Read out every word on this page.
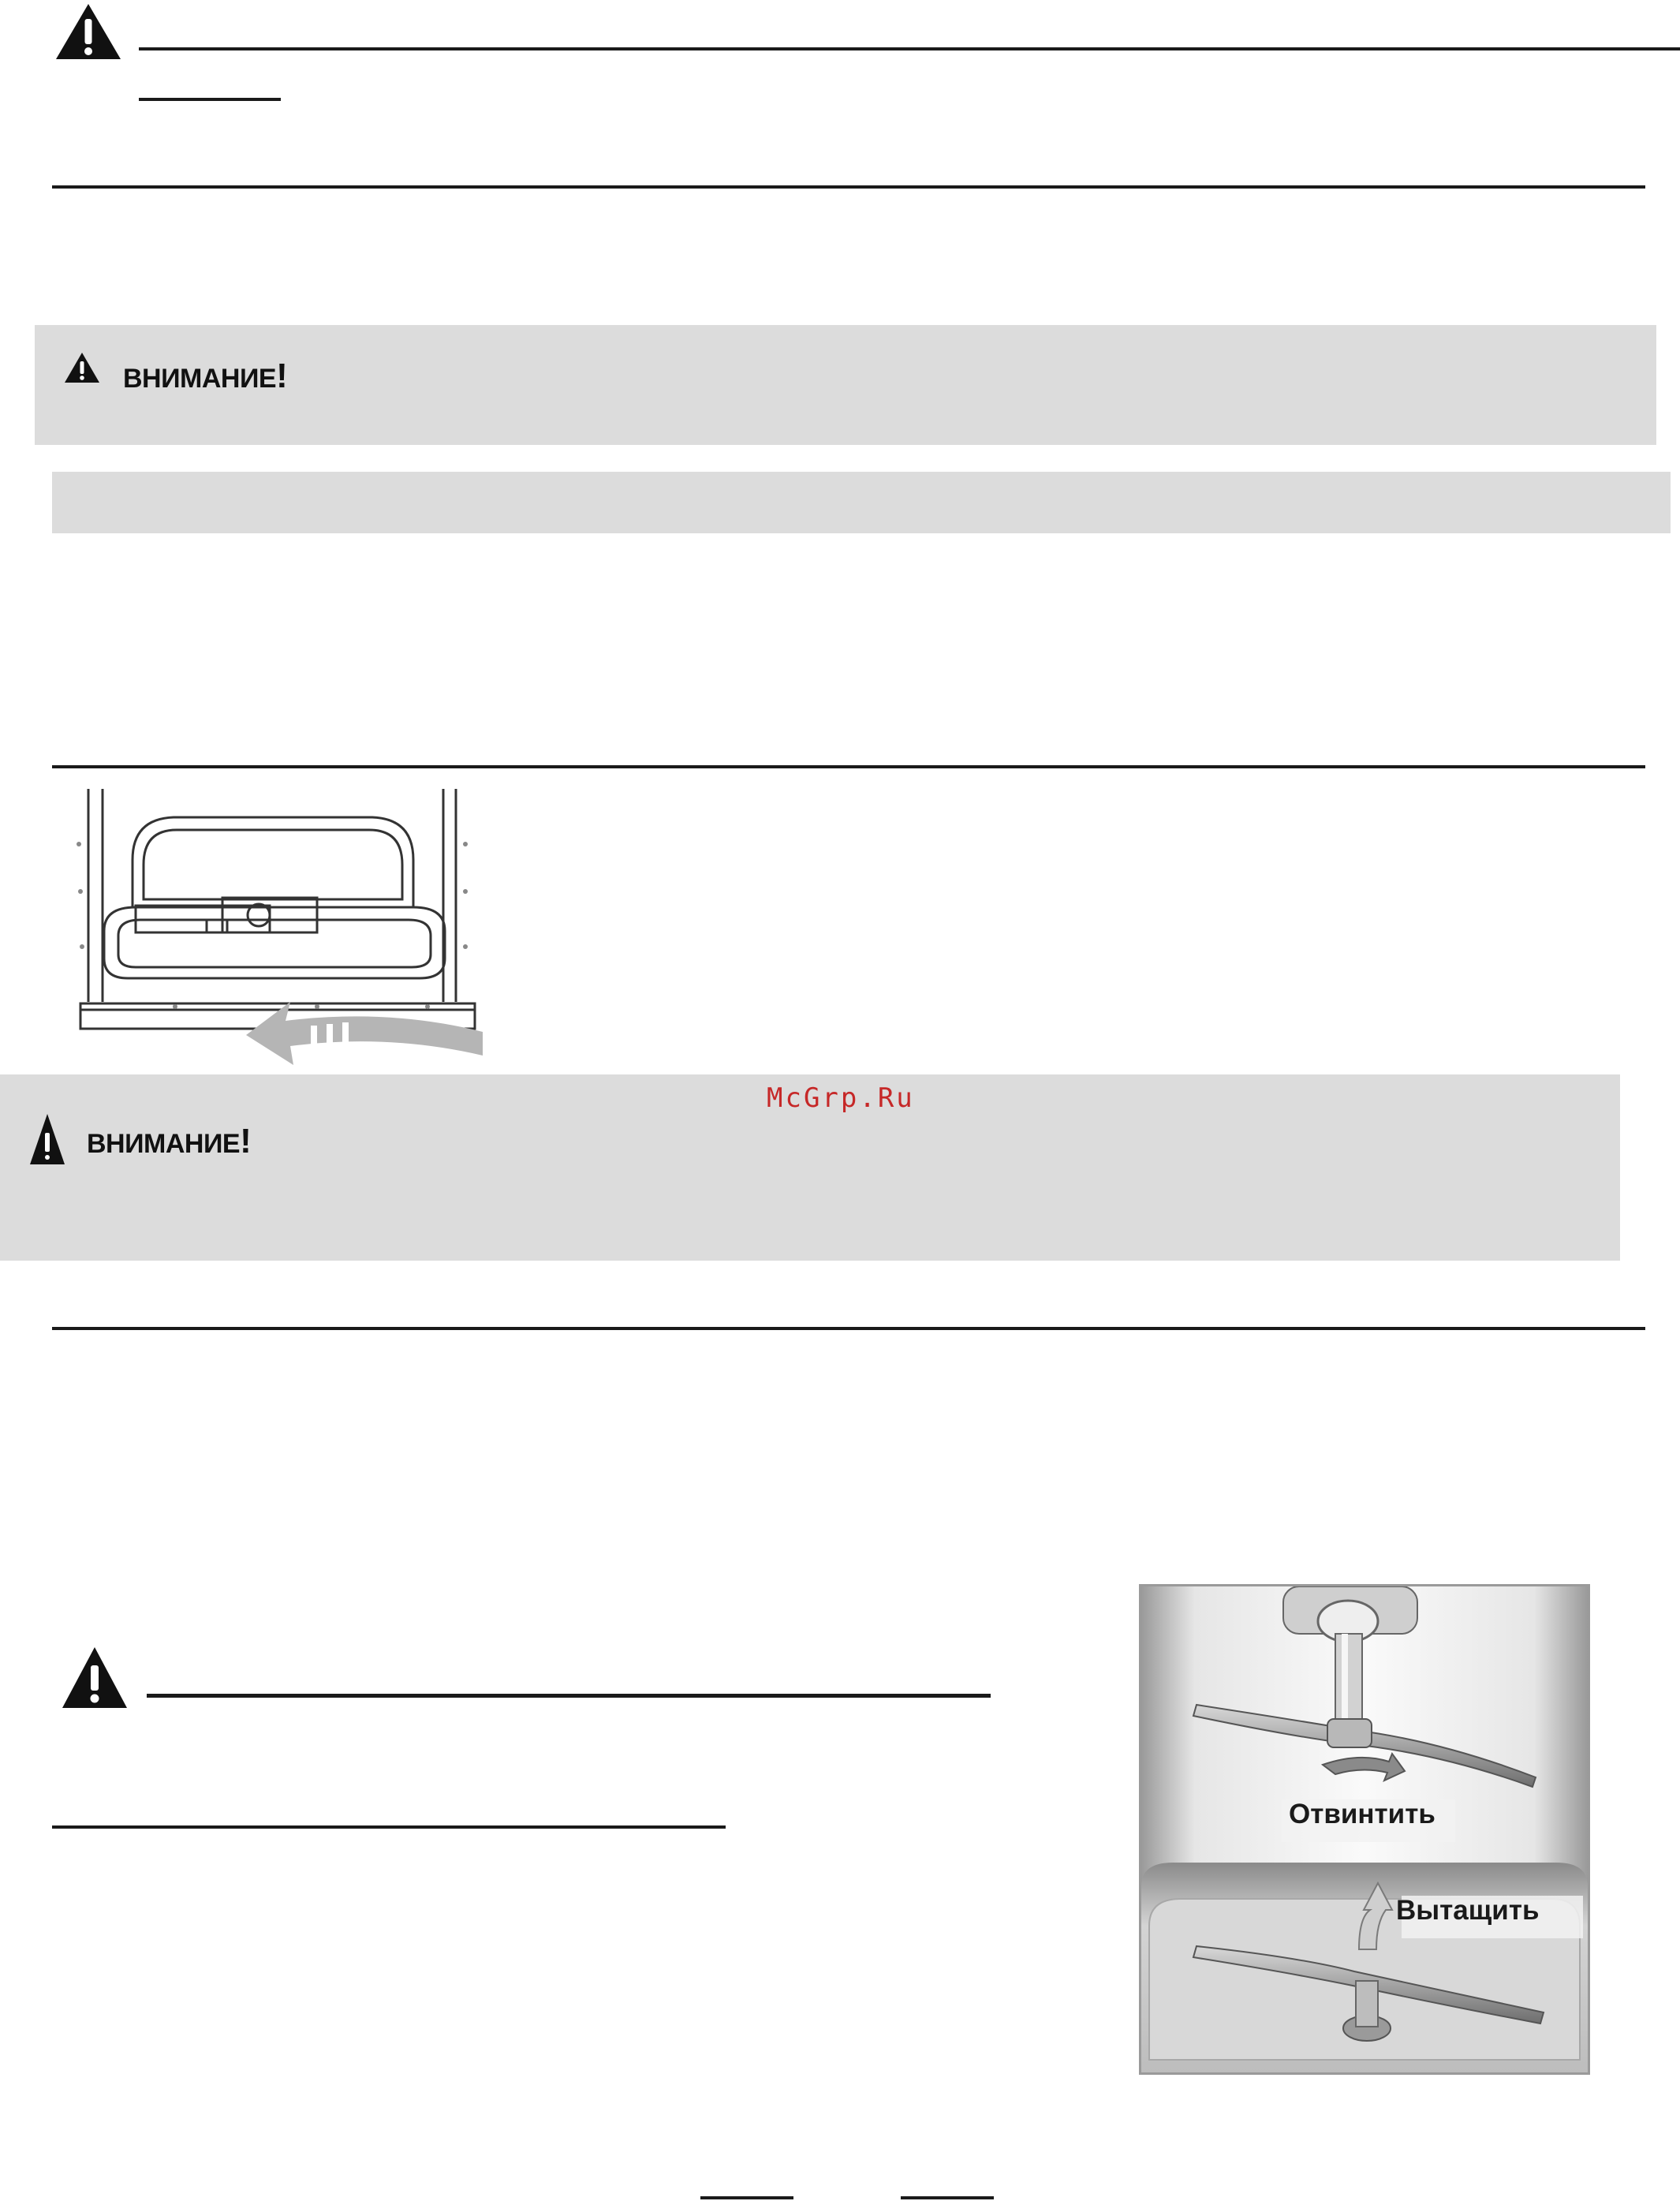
ВНИМАНИЕ!
McGrp.Ru
ВНИМАНИЕ!
Отвинтить
Вытащить
